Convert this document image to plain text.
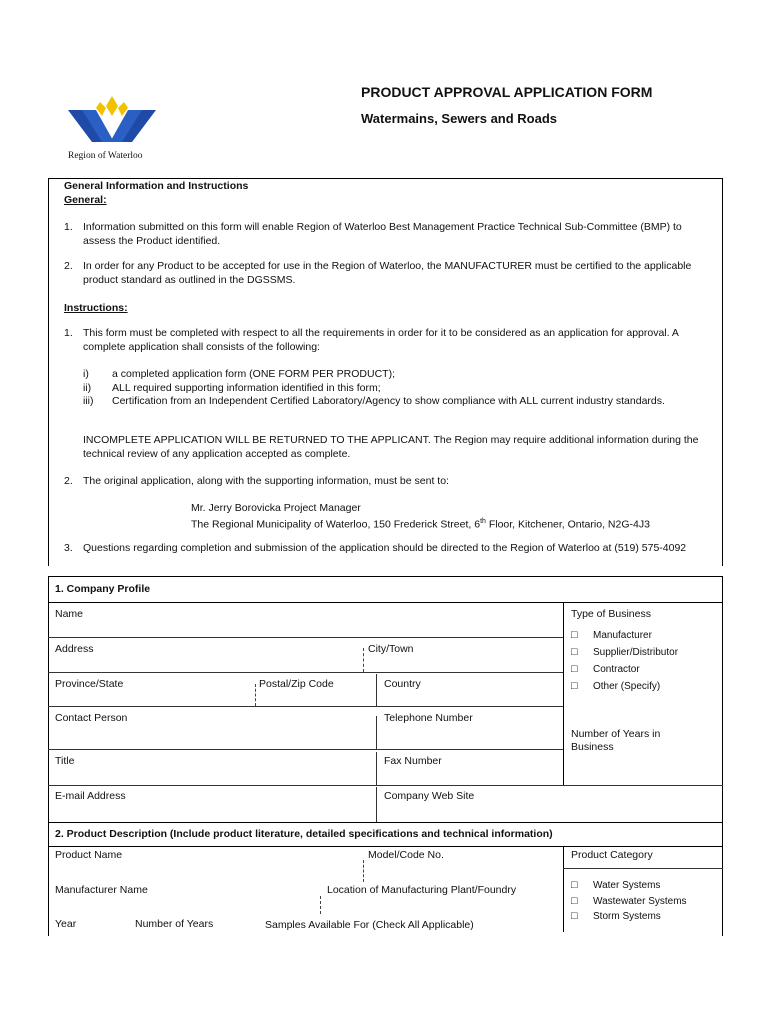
Region of Waterloo
PRODUCT APPROVAL APPLICATION FORM
Watermains, Sewers and Roads
General Information and Instructions
General:
1. Information submitted on this form will enable Region of Waterloo Best Management Practice Technical Sub-Committee (BMP) to assess the Product identified.

2. In order for any Product to be accepted for use in the Region of Waterloo, the MANUFACTURER must be certified to the applicable product standard as outlined in the DGSSMS.

Instructions:
1. This form must be completed with respect to all the requirements in order for it to be considered as an application for approval. A complete application shall consists of the following:

i) a completed application form (ONE FORM PER PRODUCT);
ii) ALL required supporting information identified in this form;
iii) Certification from an Independent Certified Laboratory/Agency to show compliance with ALL current industry standards.

INCOMPLETE APPLICATION WILL BE RETURNED TO THE APPLICANT. The Region may require additional information during the technical review of any application accepted as complete.

2. The original application, along with the supporting information, must be sent to:

Mr. Jerry Borovicka Project Manager
The Regional Municipality of Waterloo, 150 Frederick Street, 6th Floor, Kitchener, Ontario, N2G-4J3
3. Questions regarding completion and submission of the application should be directed to the Region of Waterloo at (519) 575-4092

1. Company Profile
Name
Address	City/Town
Province/State	Postal/Zip Code	Country
Contact Person	Telephone Number
Title	Fax Number
E-mail Address	Company Web Site
Type of Business
□ Manufacturer
□ Supplier/Distributor
□ Contractor
□ Other (Specify)
Number of Years in Business
2. Product Description (Include product literature, detailed specifications and technical information)
Product Name	Model/Code No.	Product Category
Manufacturer Name	Location of Manufacturing Plant/Foundry
□	Water Systems
□ Wastewater Systems
□ Storm Systems
Year	Number of Years	Samples Available For (Check All Applicable)
